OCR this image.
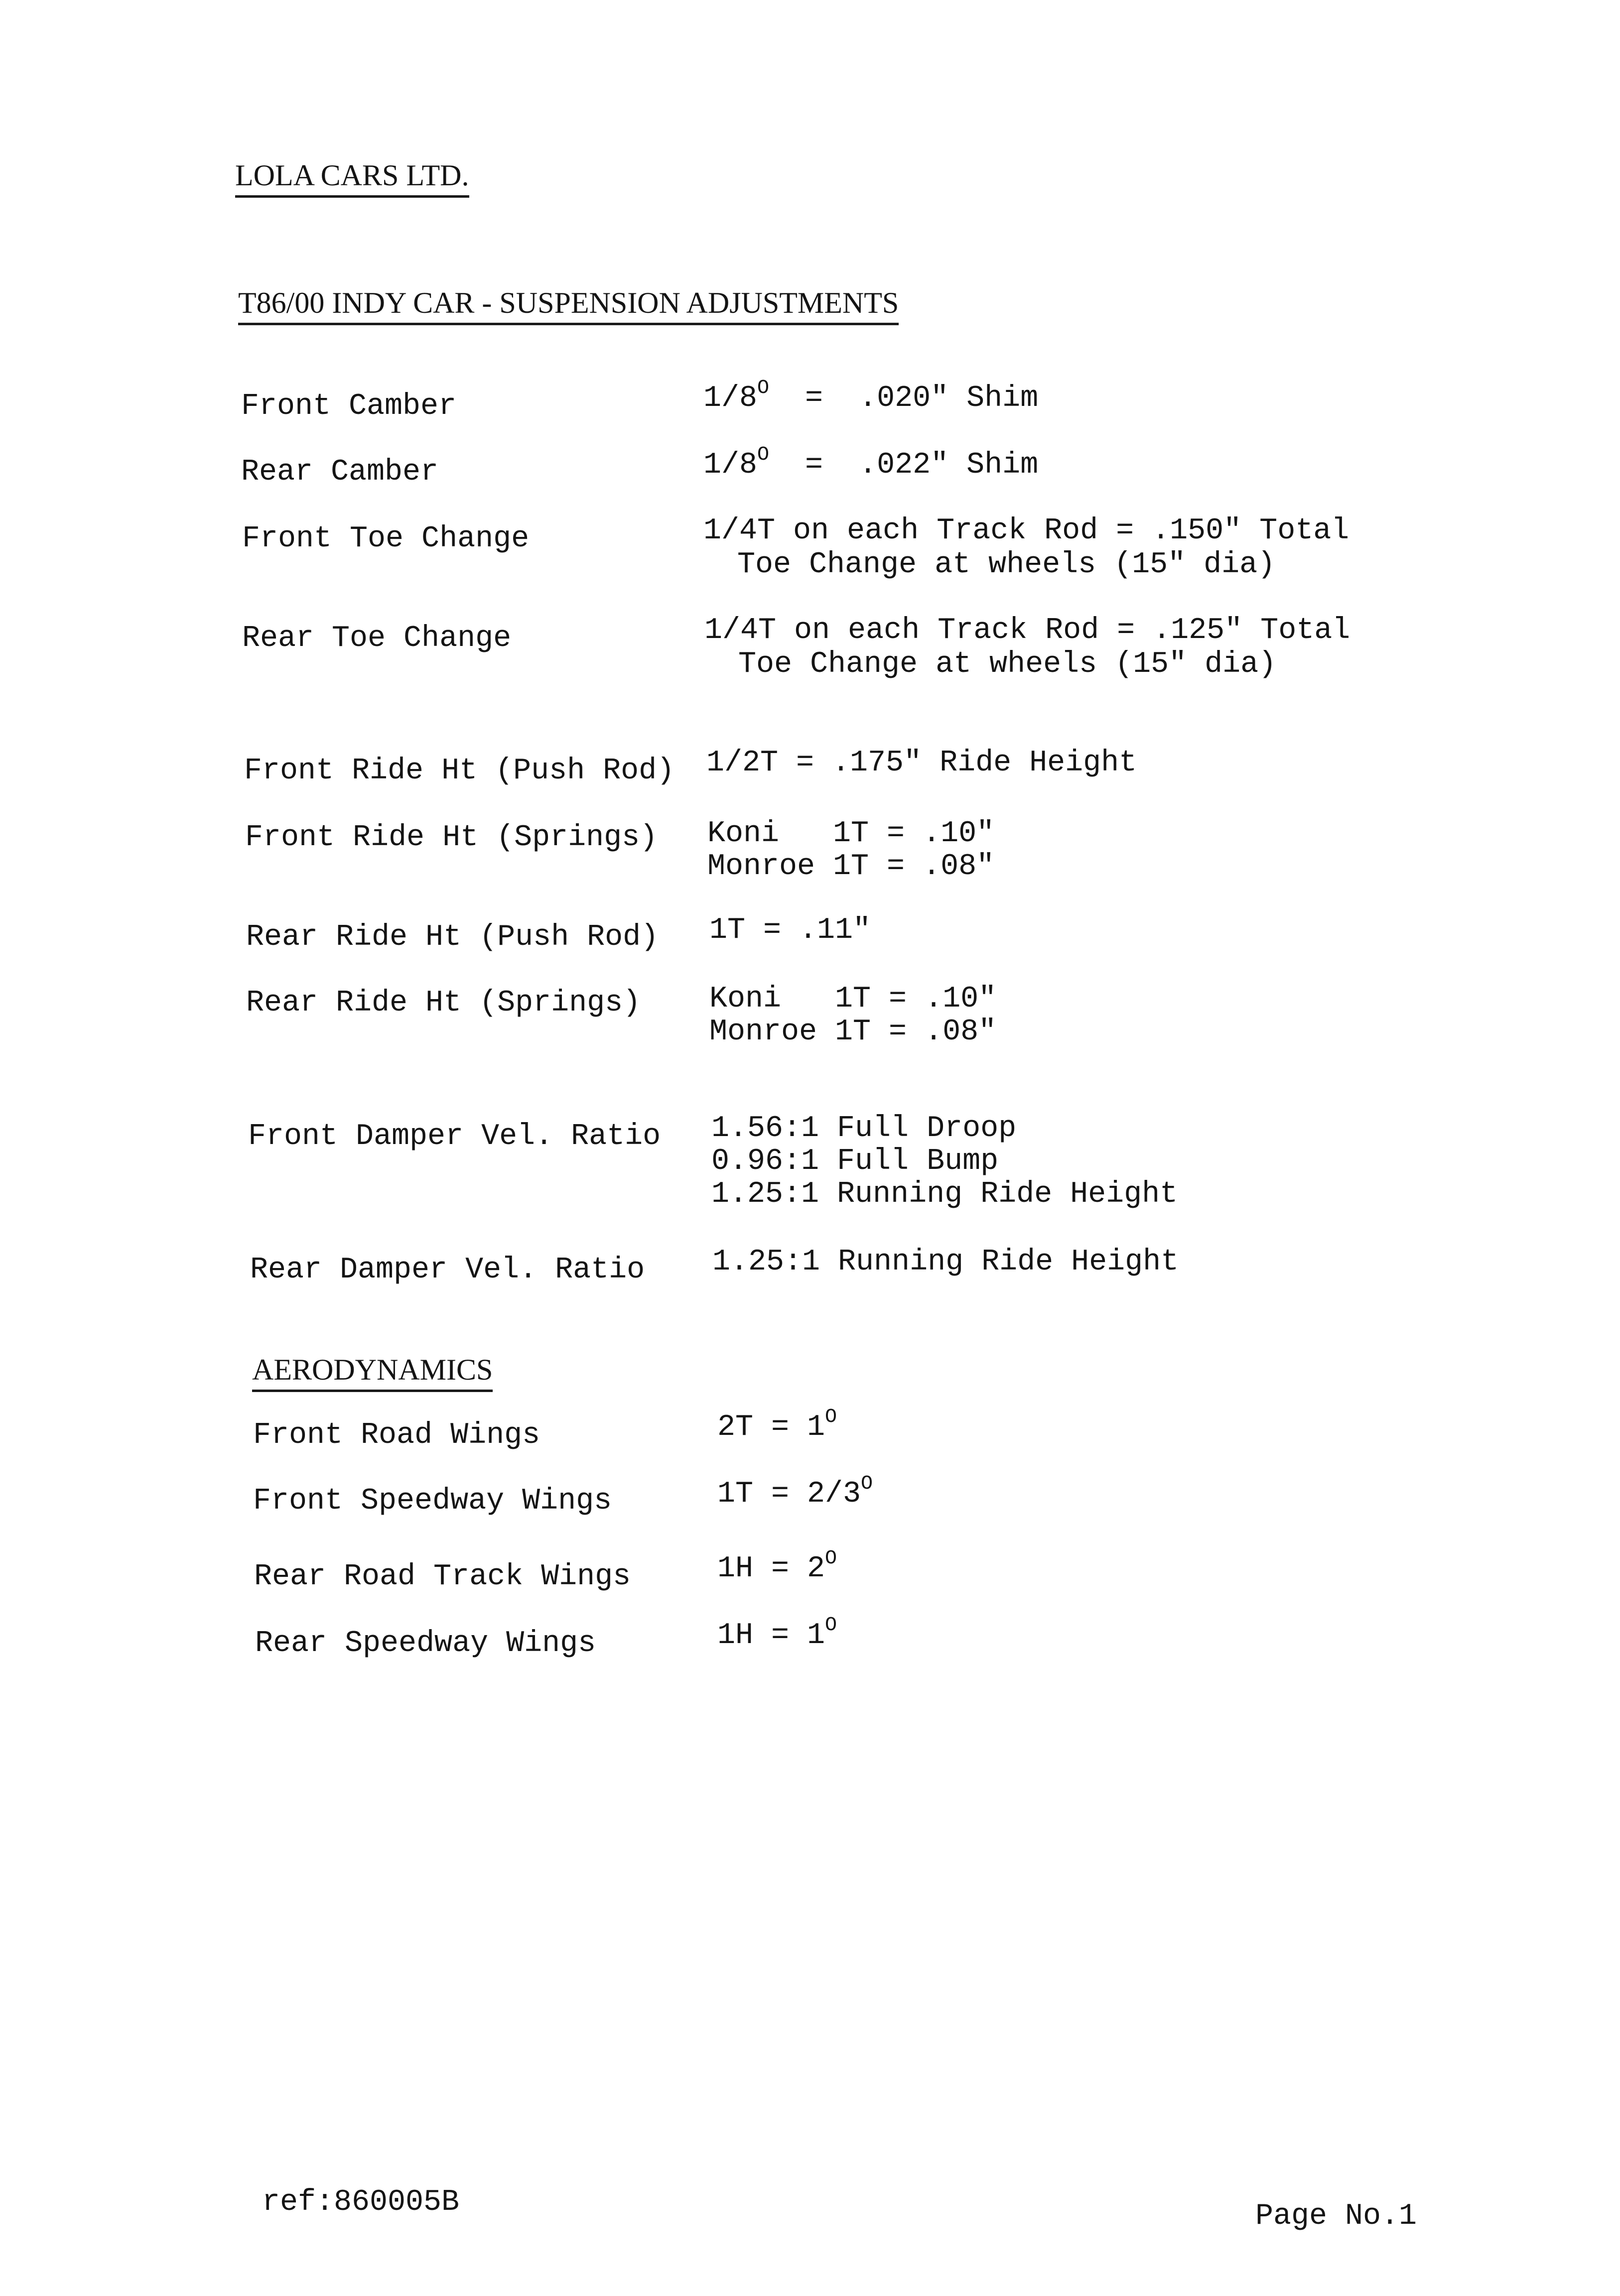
LOLA CARS LTD.
T86/00 INDY CAR - SUSPENSION ADJUSTMENTS
Front Camber
Rear Camber
Front Toe Change
Rear Toe Change
Front Ride Ht (Push Rod)
Front Ride Ht (Springs)
Rear Ride Ht (Push Rod)
Rear Ride Ht (Springs)
Front Damper Vel. Ratio
Rear Damper Vel. Ratio
$1/8^O = .020$" Shim
$1/8^O = .022$" Shim
1/4T on each Track Rod = .150" Total
Toe Change at wheels (15" dia)
1/4T on each Track Rod = .125" Total
Toe Change at wheels (15" dia)
1/2T = .175" Ride Height
Koni   1T = .10"
Monroe 1T = .08"
1T = .11"
Koni   1T = .10"
Monroe 1T = .08"
1.56:1 Full Droop
0.96:1 Full Bump
1.25:1 Running Ride Height
1.25:1 Running Ride Height
AERODYNAMICS
Front Road Wings
Front Speedway Wings
Rear Road Track Wings
Rear Speedway Wings
$2T = 1^O$
$1T = 2/3^O$
$1H = 2^O$
$1H = 1^O$
ref:860005B	Page No.1
